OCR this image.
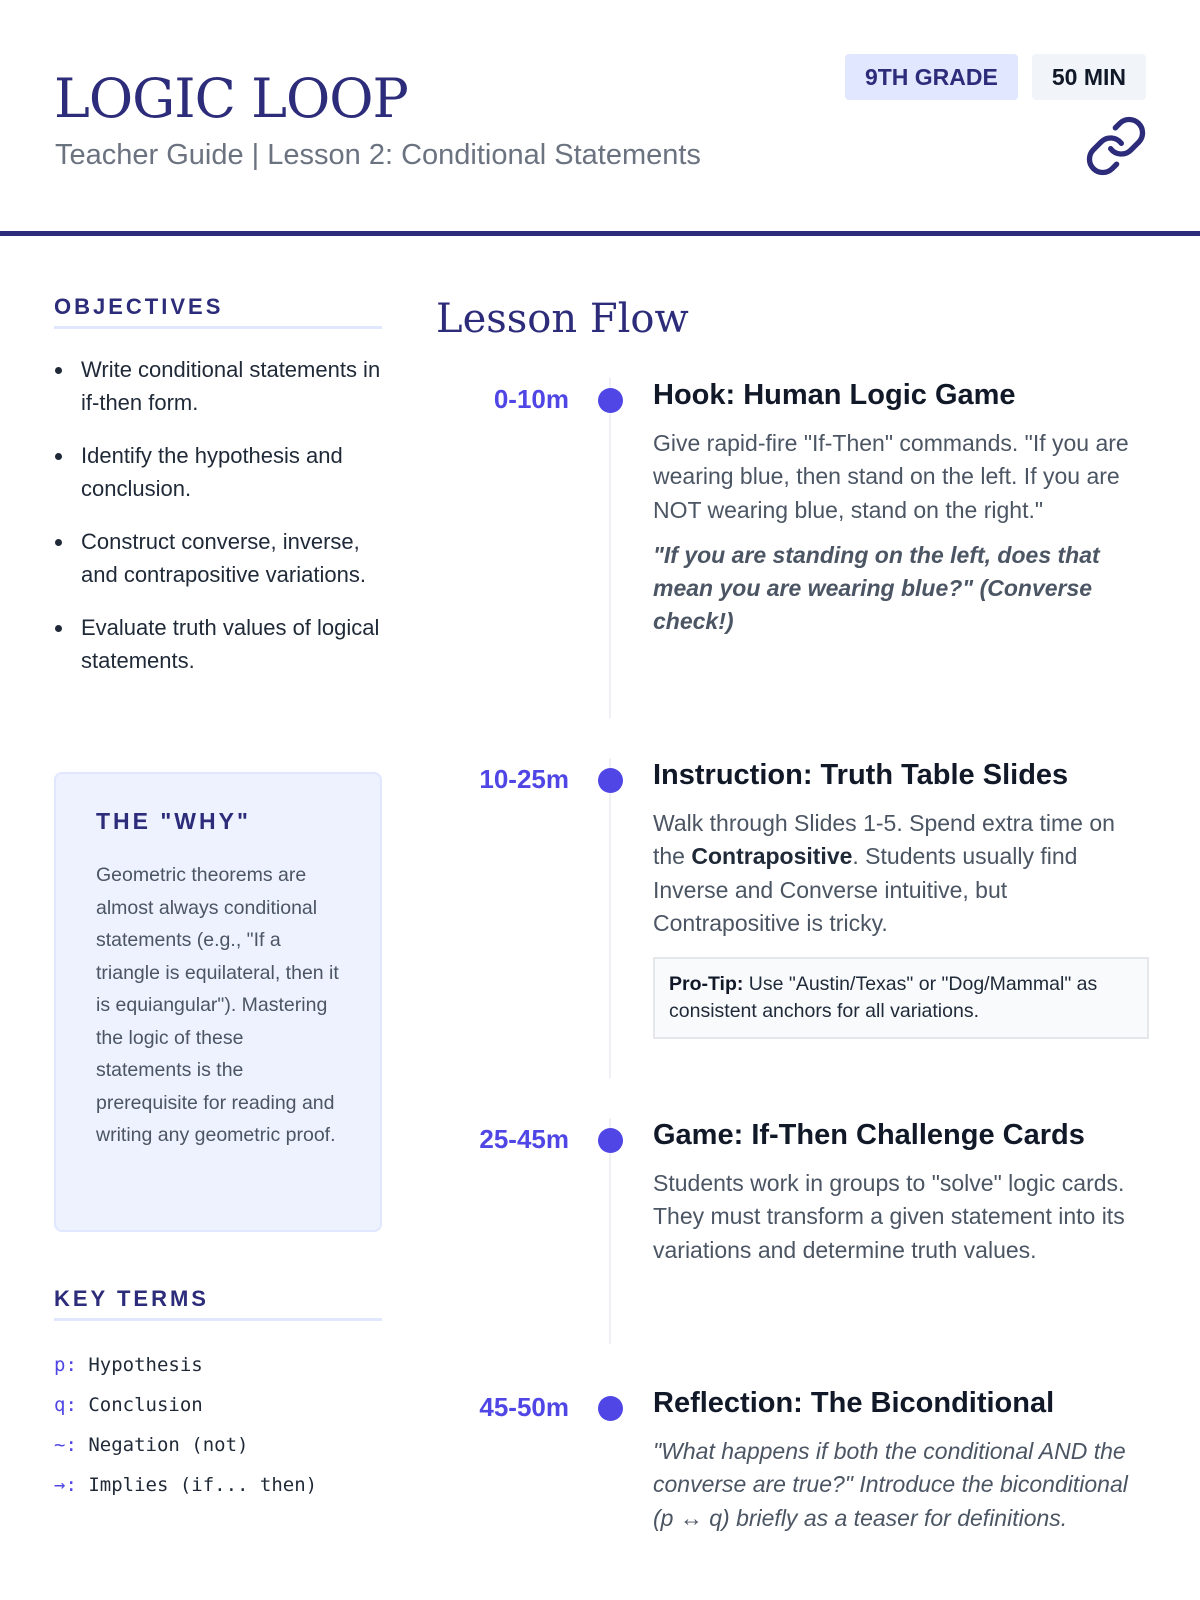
LOGIC LOOP
Teacher Guide | Lesson 2: Conditional Statements
9TH GRADE	50 MIN
OBJECTIVES
Write conditional statements in if-then form.
Identify the hypothesis and conclusion.
Construct converse, inverse, and contrapositive variations.
Evaluate truth values of logical statements.
THE "WHY"
Geometric theorems are almost always conditional statements (e.g., "If a triangle is equilateral, then it is equiangular"). Mastering the logic of these statements is the prerequisite for reading and writing any geometric proof.
KEY TERMS
p: Hypothesis
q: Conclusion
~: Negation (not)
→: Implies (if... then)
Lesson Flow
0-10m	Hook: Human Logic Game

Give rapid-fire "If-Then" commands. "If you are wearing blue, then stand on the left. If you are NOT wearing blue, stand on the right."

"If you are standing on the left, does that mean you are wearing blue?" (Converse check!)

10-25m	Instruction: Truth Table Slides

Walk through Slides 1-5. Spend extra time on the Contrapositive. Students usually find Inverse and Converse intuitive, but Contrapositive is tricky.

Pro-Tip: Use "Austin/Texas" or "Dog/Mammal" as consistent anchors for all variations.
25-45m	Game: If-Then Challenge Cards

Students work in groups to "solve" logic cards. They must transform a given statement into its variations and determine truth values.

45-50m	Reflection: The Biconditional

"What happens if both the conditional AND the converse are true?" Introduce the biconditional (p ↔ q) briefly as a teaser for definitions.
